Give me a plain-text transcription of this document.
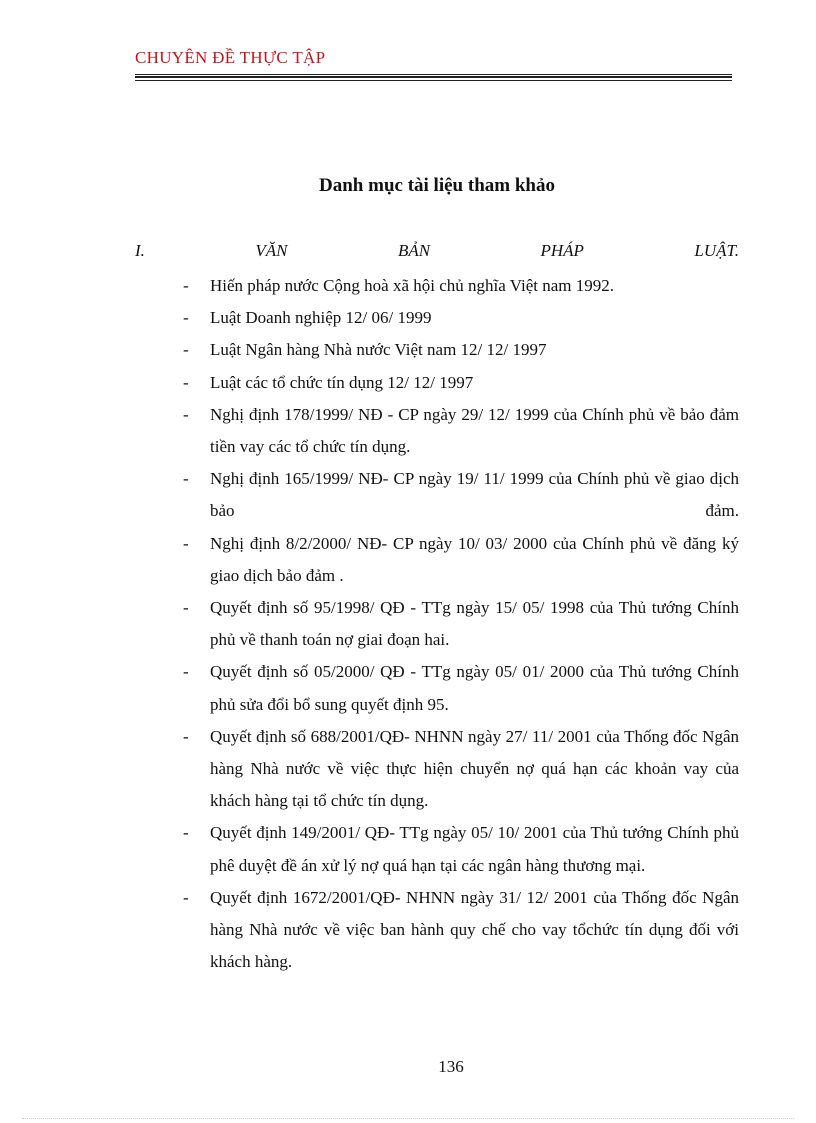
CHUYÊN ĐỀ THỰC TẬP
Danh mục tài liệu tham khảo
I.	VĂN	BẢN	PHÁP	LUẬT.
- Hiến pháp nước Cộng hoà xã hội chủ nghĩa Việt nam 1992.
- Luật Doanh nghiệp 12/ 06/ 1999
- Luật Ngân hàng Nhà nước Việt nam 12/ 12/ 1997
- Luật các tổ chức tín dụng 12/ 12/ 1997
- Nghị định 178/1999/ NĐ - CP ngày 29/ 12/ 1999 của Chính phủ về bảo đảm tiền vay các tổ chức tín dụng.
- Nghị định 165/1999/ NĐ- CP ngày 19/ 11/ 1999 của Chính phủ về giao dịch bảo đảm.
- Nghị định 8/2/2000/ NĐ- CP ngày 10/ 03/ 2000 của Chính phủ về đăng ký giao dịch bảo đảm .
- Quyết định số 95/1998/ QĐ - TTg ngày 15/ 05/ 1998 của Thủ tướng Chính phủ về thanh toán nợ giai đoạn hai.
- Quyết định số 05/2000/ QĐ - TTg ngày 05/ 01/ 2000 của Thủ tướng Chính phủ sửa đổi bổ sung quyết định 95.
- Quyết định số 688/2001/QĐ- NHNN ngày 27/ 11/ 2001 của Thống đốc Ngân hàng Nhà nước về việc thực hiện chuyển nợ quá hạn các khoản vay của khách hàng tại tổ chức tín dụng.
- Quyết định 149/2001/ QĐ- TTg ngày 05/ 10/ 2001 của Thủ tướng Chính phủ phê duyệt đề án xử lý nợ quá hạn tại các ngân hàng thương mại.
- Quyết định 1672/2001/QĐ- NHNN ngày 31/ 12/ 2001 của Thống đốc Ngân hàng Nhà nước về việc ban hành quy chế cho vay tổchức tín dụng đối với khách hàng.
136
